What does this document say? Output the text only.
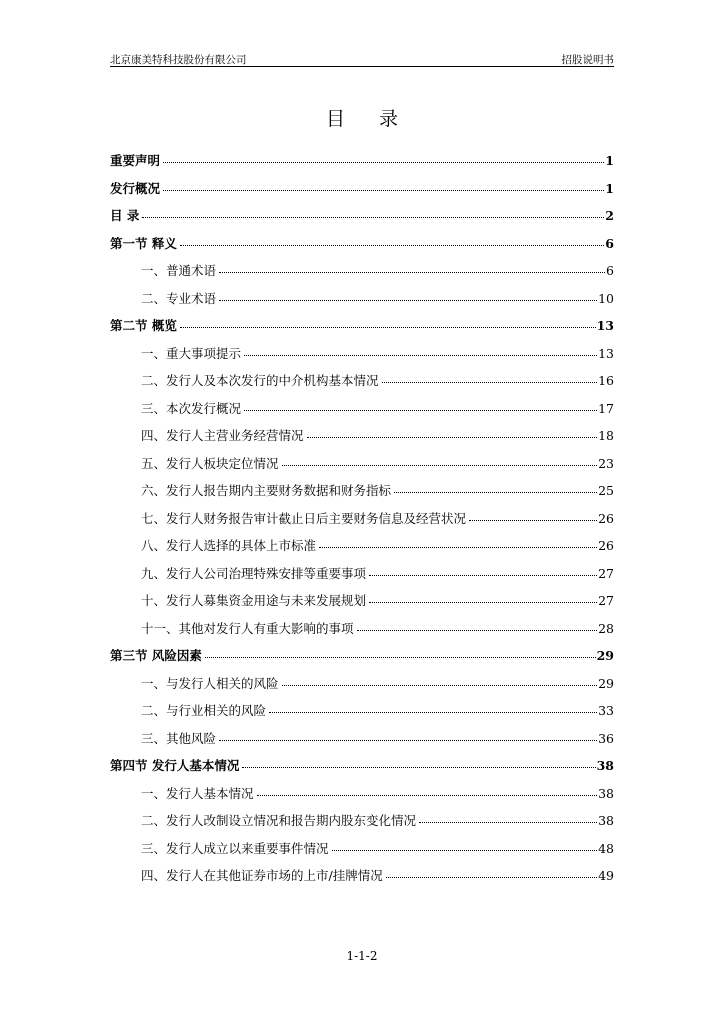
北京康美特科技股份有限公司	招股说明书
目 录
重要声明	1
发行概况	1
目 录	2
第一节 释义	6
一、普通术语	6
二、专业术语	10
第二节 概览	13
一、重大事项提示	13
二、发行人及本次发行的中介机构基本情况	16
三、本次发行概况	17
四、发行人主营业务经营情况	18
五、发行人板块定位情况	23
六、发行人报告期内主要财务数据和财务指标	25
七、发行人财务报告审计截止日后主要财务信息及经营状况	26
八、发行人选择的具体上市标准	26
九、发行人公司治理特殊安排等重要事项	27
十、发行人募集资金用途与未来发展规划	27
十一、其他对发行人有重大影响的事项	28
第三节 风险因素	29
一、与发行人相关的风险	29
二、与行业相关的风险	33
三、其他风险	36
第四节 发行人基本情况	38
一、发行人基本情况	38
二、发行人改制设立情况和报告期内股东变化情况	38
三、发行人成立以来重要事件情况	48
四、发行人在其他证券市场的上市/挂牌情况	49
1-1-2
